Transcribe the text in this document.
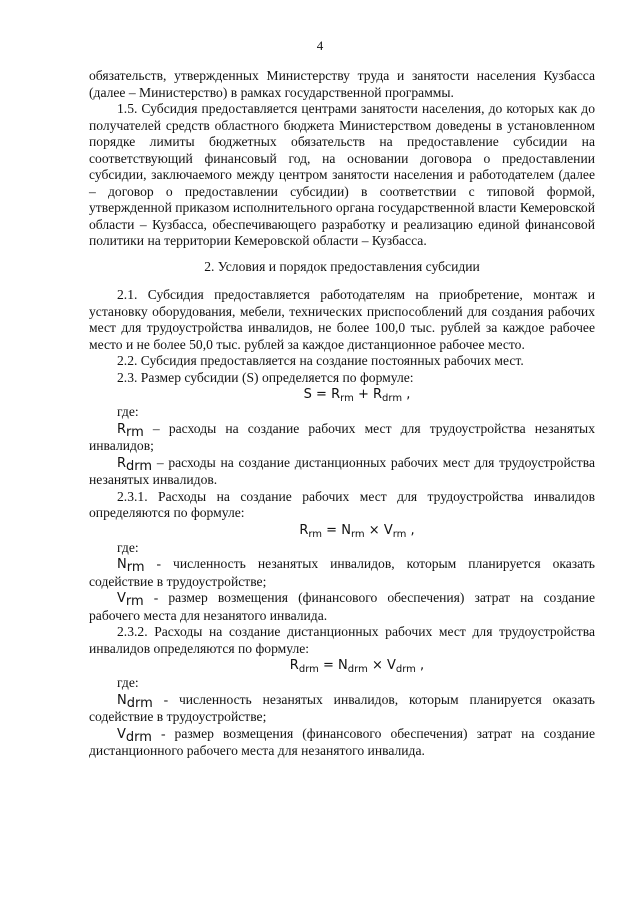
4

обязательств, утвержденных Министерству труда и занятости населения Кузбасса (далее – Министерство) в рамках государственной программы.

1.5. Субсидия предоставляется центрами занятости населения, до которых как до получателей средств областного бюджета Министерством доведены в установленном порядке лимиты бюджетных обязательств на предоставление субсидии на соответствующий финансовый год, на основании договора о предоставлении субсидии, заключаемого между центром занятости населения и работодателем (далее – договор о предоставлении субсидии) в соответствии с типовой формой, утвержденной приказом исполнительного органа государственной власти Кемеровской области – Кузбасса, обеспечивающего разработку и реализацию единой финансовой политики на территории Кемеровской области – Кузбасса.

2. Условия и порядок предоставления субсидии

2.1. Субсидия предоставляется работодателям на приобретение, монтаж и установку оборудования, мебели, технических приспособлений для создания рабочих мест для трудоустройства инвалидов, не более 100,0 тыс. рублей за каждое рабочее место и не более 50,0 тыс. рублей за каждое дистанционное рабочее место.

2.2. Субсидия предоставляется на создание постоянных рабочих мест.

2.3. Размер субсидии (S) определяется по формуле:

$S = R_{rm} + R_{drm}$ ,

где:

$R_{rm}$ – расходы на создание рабочих мест для трудоустройства незанятых инвалидов;

$R_{drm}$ – расходы на создание дистанционных рабочих мест для трудоустройства незанятых инвалидов.

2.3.1. Расходы на создание рабочих мест для трудоустройства инвалидов определяются по формуле:

$R_{rm} = N_{rm} \times V_{rm}$ ,

где:

$N_{rm}$ - численность незанятых инвалидов, которым планируется оказать содействие в трудоустройстве;

$V_{rm}$ - размер возмещения (финансового обеспечения) затрат на создание рабочего места для незанятого инвалида.

2.3.2. Расходы на создание дистанционных рабочих мест для трудоустройства инвалидов определяются по формуле:

$R_{drm} = N_{drm} \times V_{drm}$ ,

где:

$N_{drm}$ - численность незанятых инвалидов, которым планируется оказать содействие в трудоустройстве;

$V_{drm}$ - размер возмещения (финансового обеспечения) затрат на создание дистанционного рабочего места для незанятого инвалида.
